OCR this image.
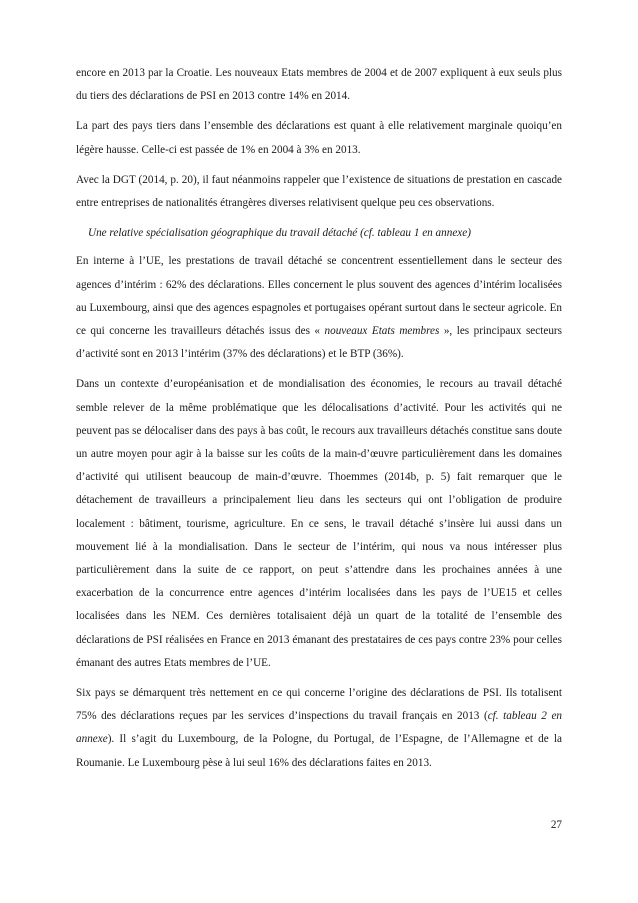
encore en 2013 par la Croatie. Les nouveaux Etats membres de 2004 et de 2007 expliquent à eux seuls plus du tiers des déclarations de PSI en 2013 contre 14% en 2014.

La part des pays tiers dans l’ensemble des déclarations est quant à elle relativement marginale quoiqu’en légère hausse. Celle-ci est passée de 1% en 2004 à 3% en 2013.

Avec la DGT (2014, p. 20), il faut néanmoins rappeler que l’existence de situations de prestation en cascade entre entreprises de nationalités étrangères diverses relativisent quelque peu ces observations.

Une relative spécialisation géographique du travail détaché (cf. tableau 1 en annexe)

En interne à l’UE, les prestations de travail détaché se concentrent essentiellement dans le secteur des agences d’intérim : 62% des déclarations. Elles concernent le plus souvent des agences d’intérim localisées au Luxembourg, ainsi que des agences espagnoles et portugaises opérant surtout dans le secteur agricole. En ce qui concerne les travailleurs détachés issus des « nouveaux Etats membres », les principaux secteurs d’activité sont en 2013 l’intérim (37% des déclarations) et le BTP (36%).

Dans un contexte d’européanisation et de mondialisation des économies, le recours au travail détaché semble relever de la même problématique que les délocalisations d’activité. Pour les activités qui ne peuvent pas se délocaliser dans des pays à bas coût, le recours aux travailleurs détachés constitue sans doute un autre moyen pour agir à la baisse sur les coûts de la main-d’œuvre particulièrement dans les domaines d’activité qui utilisent beaucoup de main-d’œuvre. Thoemmes (2014b, p. 5) fait remarquer que le détachement de travailleurs a principalement lieu dans les secteurs qui ont l’obligation de produire localement : bâtiment, tourisme, agriculture. En ce sens, le travail détaché s’insère lui aussi dans un mouvement lié à la mondialisation. Dans le secteur de l’intérim, qui nous va nous intéresser plus particulièrement dans la suite de ce rapport, on peut s’attendre dans les prochaines années à une exacerbation de la concurrence entre agences d’intérim localisées dans les pays de l’UE15 et celles localisées dans les NEM. Ces dernières totalisaient déjà un quart de la totalité de l’ensemble des déclarations de PSI réalisées en France en 2013 émanant des prestataires de ces pays contre 23% pour celles émanant des autres Etats membres de l’UE.

Six pays se démarquent très nettement en ce qui concerne l’origine des déclarations de PSI. Ils totalisent 75% des déclarations reçues par les services d’inspections du travail français en 2013 (cf. tableau 2 en annexe). Il s’agit du Luxembourg, de la Pologne, du Portugal, de l’Espagne, de l’Allemagne et de la Roumanie. Le Luxembourg pèse à lui seul 16% des déclarations faites en 2013.

27
